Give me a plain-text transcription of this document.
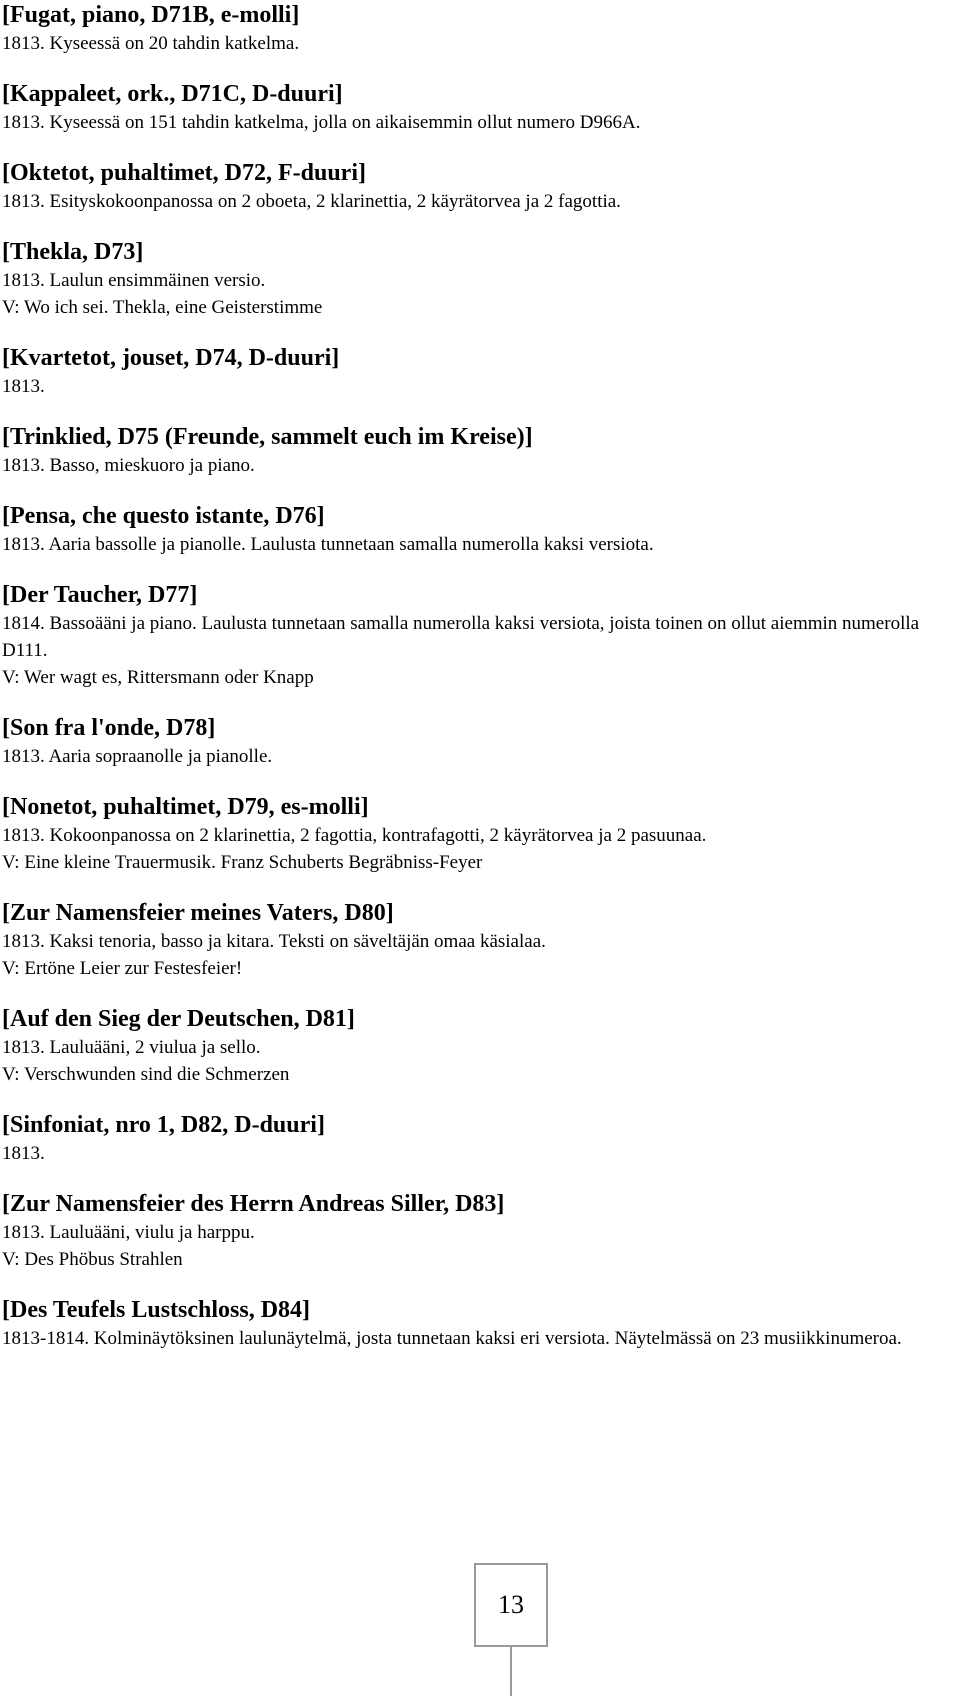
[Fugat, piano, D71B, e-molli]

1813. Kyseessä on 20 tahdin katkelma.

[Kappaleet, ork., D71C, D-duuri]

1813. Kyseessä on 151 tahdin katkelma, jolla on aikaisemmin ollut numero D966A.

[Oktetot, puhaltimet, D72, F-duuri]

1813. Esityskokoonpanossa on 2 oboeta, 2 klarinettia, 2 käyrätorvea ja 2 fagottia.

[Thekla, D73]

1813. Laulun ensimmäinen versio.

V: Wo ich sei. Thekla, eine Geisterstimme

[Kvartetot, jouset, D74, D-duuri]

1813.

[Trinklied, D75 (Freunde, sammelt euch im Kreise)]

1813. Basso, mieskuoro ja piano.

[Pensa, che questo istante, D76]

1813. Aaria bassolle ja pianolle. Laulusta tunnetaan samalla numerolla kaksi versiota.

[Der Taucher, D77]

1814. Bassoääni ja piano. Laulusta tunnetaan samalla numerolla kaksi versiota, joista toinen on ollut aiemmin numerolla D111.

V: Wer wagt es, Rittersmann oder Knapp

[Son fra l'onde, D78]

1813. Aaria sopraanolle ja pianolle.

[Nonetot, puhaltimet, D79, es-molli]

1813. Kokoonpanossa on 2 klarinettia, 2 fagottia, kontrafagotti, 2 käyrätorvea ja 2 pasuunaa.

V: Eine kleine Trauermusik. Franz Schuberts Begräbniss-Feyer

[Zur Namensfeier meines Vaters, D80]

1813. Kaksi tenoria, basso ja kitara. Teksti on säveltäjän omaa käsialaa.

V: Ertöne Leier zur Festesfeier!

[Auf den Sieg der Deutschen, D81]

1813. Lauluääni, 2 viulua ja sello.

V: Verschwunden sind die Schmerzen

[Sinfoniat, nro 1, D82, D-duuri]

1813.

[Zur Namensfeier des Herrn Andreas Siller, D83]

1813. Lauluääni, viulu ja harppu.

V: Des Phöbus Strahlen

[Des Teufels Lustschloss, D84]

1813-1814. Kolminäytöksinen laulunäytelmä, josta tunnetaan kaksi eri versiota. Näytelmässä on 23 musiikkinumeroa.

13
